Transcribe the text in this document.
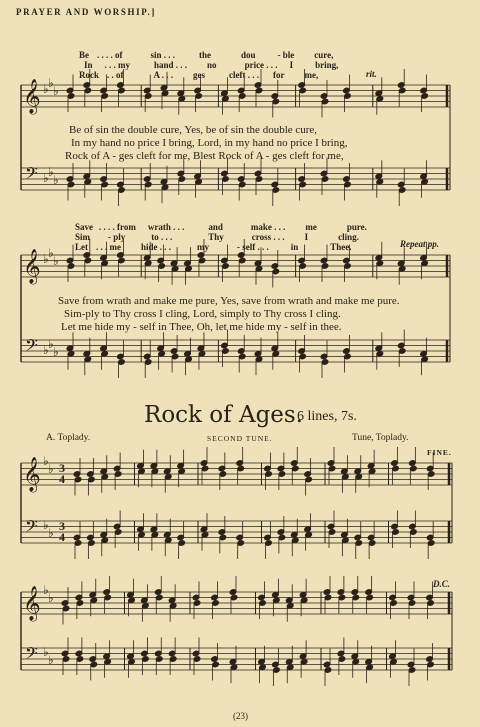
PRAYER AND WORSHIP.]

Be . . . . of	sin . . .	the	dou - ble cure,

In . . . my	hand . . . no	price . . . I bring,

Rock . . of	A . . . ges	cleft . . . for me,
	rit.
Be of sin the double cure, Yes, be of sin the double cure,
In my hand no price I bring, Lord, in my hand no price I bring,
Rock of A - ges cleft for me, Blest Rock of A - ges cleft for me,

Save . . . . from wrath . . .	and	make . . . me	pure.

Sim - ply	to . . .	Thy	cross . . . I	cling.

Let . . . me hide . . .	my	- self . . . in	Thee.
	Repeat pp.
Save from wrath and make me pure, Yes, save from wrath and make me pure.
Sim-ply to Thy cross I cling, Lord, simply to Thy cross I cling.
Let me hide my - self in Thee, Oh, let me hide my - self in thee.
Rock of Ages.
6 lines, 7s.
A. Toplady.	SECOND TUNE.	Tune, Toplady.
FINE.
D.C.
(23)
𝄞
𝄢
♭ ♭
♭
♭ ♭
♭
𝄞
𝄢
♭ ♭
♭
♭ ♭
♭
𝄞
𝄢
♭
♭
♭
♭
3
3
4
4
𝄞
𝄢
♭
♭
♭
♭
